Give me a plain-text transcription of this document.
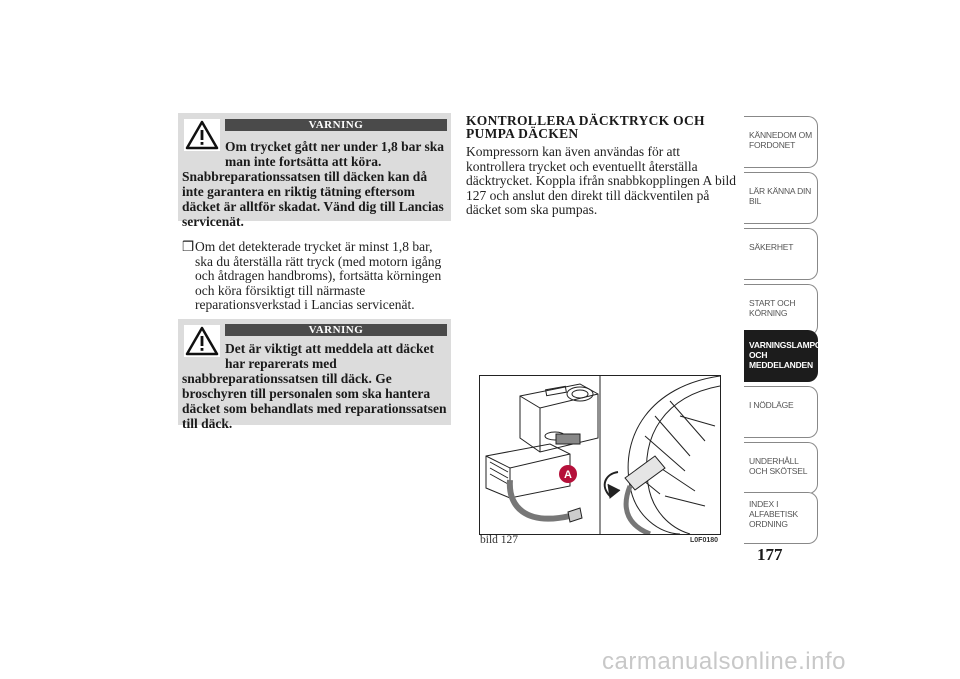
VARNING
Om trycket gått ner under 1,8 bar ska
man inte fortsätta att köra.
Snabbreparationssatsen till däcken kan då inte garantera en riktig tätning eftersom däcket är alltför skadat. Vänd dig till Lancias servicenät.
❒ Om det detekterade trycket är minst 1,8 bar, ska du återställa rätt tryck (med motorn igång och åtdragen handbroms), fortsätta körningen och köra försiktigt till närmaste reparationsverkstad i Lancias servicenät.
VARNING
Det är viktigt att meddela att däcket
har reparerats med
snabbreparationssatsen till däck. Ge broschyren till personalen som ska hantera däcket som behandlats med reparationssatsen till däck.
KONTROLLERA DÄCKTRYCK OCH PUMPA DÄCKEN
Kompressorn kan även användas för att kontrollera trycket och eventuellt återställa däcktrycket. Koppla ifrån snabbkopplingen A bild 127 och anslut den direkt till däckventilen på däcket som ska pumpas.
A
bild 127	L0F0180
KÄNNEDOM OM FORDONET
LÄR KÄNNA DIN BIL
SÄKERHET
START OCH KÖRNING
VARNINGSLAMPOR OCH MEDDELANDEN
I NÖDLÄGE
UNDERHÅLL OCH SKÖTSEL
INDEX I ALFABETISK ORDNING
177
carmanualsonline.info
